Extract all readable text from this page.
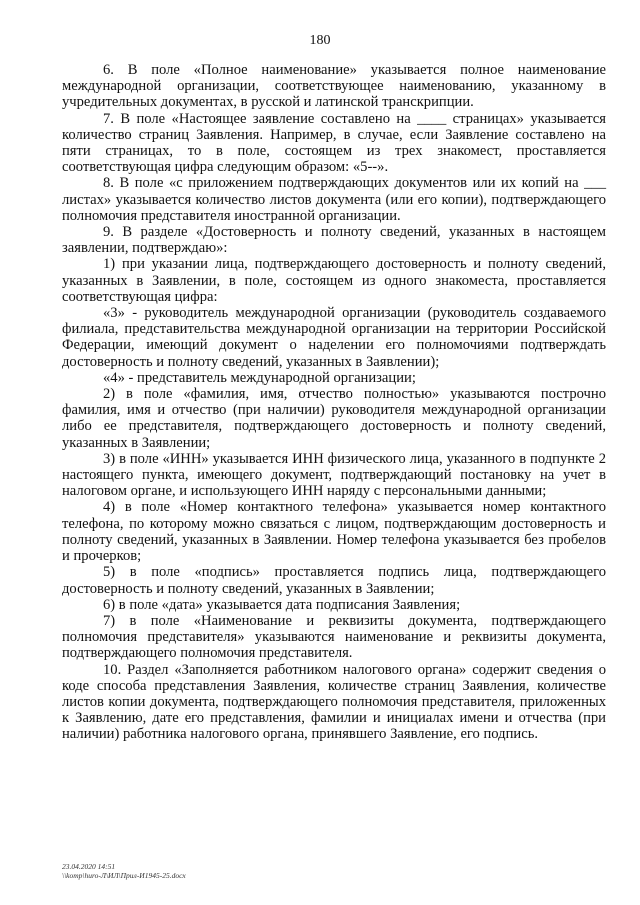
180

6. В поле «Полное наименование» указывается полное наименование международной организации, соответствующее наименованию, указанному в учредительных документах, в русской и латинской транскрипции.

7. В поле «Настоящее заявление составлено на ____ страницах» указывается количество страниц Заявления. Например, в случае, если Заявление составлено на пяти страницах, то в поле, состоящем из трех знакомест, проставляется соответствующая цифра следующим образом: «5--».

8. В поле «с приложением подтверждающих документов или их копий на ___ листах» указывается количество листов документа (или его копии), подтверждающего полномочия представителя иностранной организации.

9. В разделе «Достоверность и полноту сведений, указанных в настоящем заявлении, подтверждаю»:

1) при указании лица, подтверждающего достоверность и полноту сведений, указанных в Заявлении, в поле, состоящем из одного знакоместа, проставляется соответствующая цифра:

«3» - руководитель международной организации (руководитель создаваемого филиала, представительства международной организации на территории Российской Федерации, имеющий документ о наделении его полномочиями подтверждать достоверность и полноту сведений, указанных в Заявлении);

«4» - представитель международной организации;

2) в поле «фамилия, имя, отчество полностью» указываются построчно фамилия, имя и отчество (при наличии) руководителя международной организации либо ее представителя, подтверждающего достоверность и полноту сведений, указанных в Заявлении;

3) в поле «ИНН» указывается ИНН физического лица, указанного в подпункте 2 настоящего пункта, имеющего документ, подтверждающий постановку на учет в налоговом органе, и использующего ИНН наряду с персональными данными;

4) в поле «Номер контактного телефона» указывается номер контактного телефона, по которому можно связаться с лицом, подтверждающим достоверность и полноту сведений, указанных в Заявлении. Номер телефона указывается без пробелов и прочерков;

5) в поле «подпись» проставляется подпись лица, подтверждающего достоверность и полноту сведений, указанных в Заявлении;

6) в поле «дата» указывается дата подписания Заявления;

7) в поле «Наименование и реквизиты документа, подтверждающего полномочия представителя» указываются наименование и реквизиты документа, подтверждающего полномочия представителя.

10. Раздел «Заполняется работником налогового органа» содержит сведения о коде способа представления Заявления, количестве страниц Заявления, количестве листов копии документа, подтверждающего полномочия представителя, приложенных к Заявлению, дате его представления, фамилии и инициалах имени и отчества (при наличии) работника налогового органа, принявшего Заявление, его подпись.

23.04.2020 14:51
\\komp\huro-Л\ИЛ\Прил-И1945-25.docx
